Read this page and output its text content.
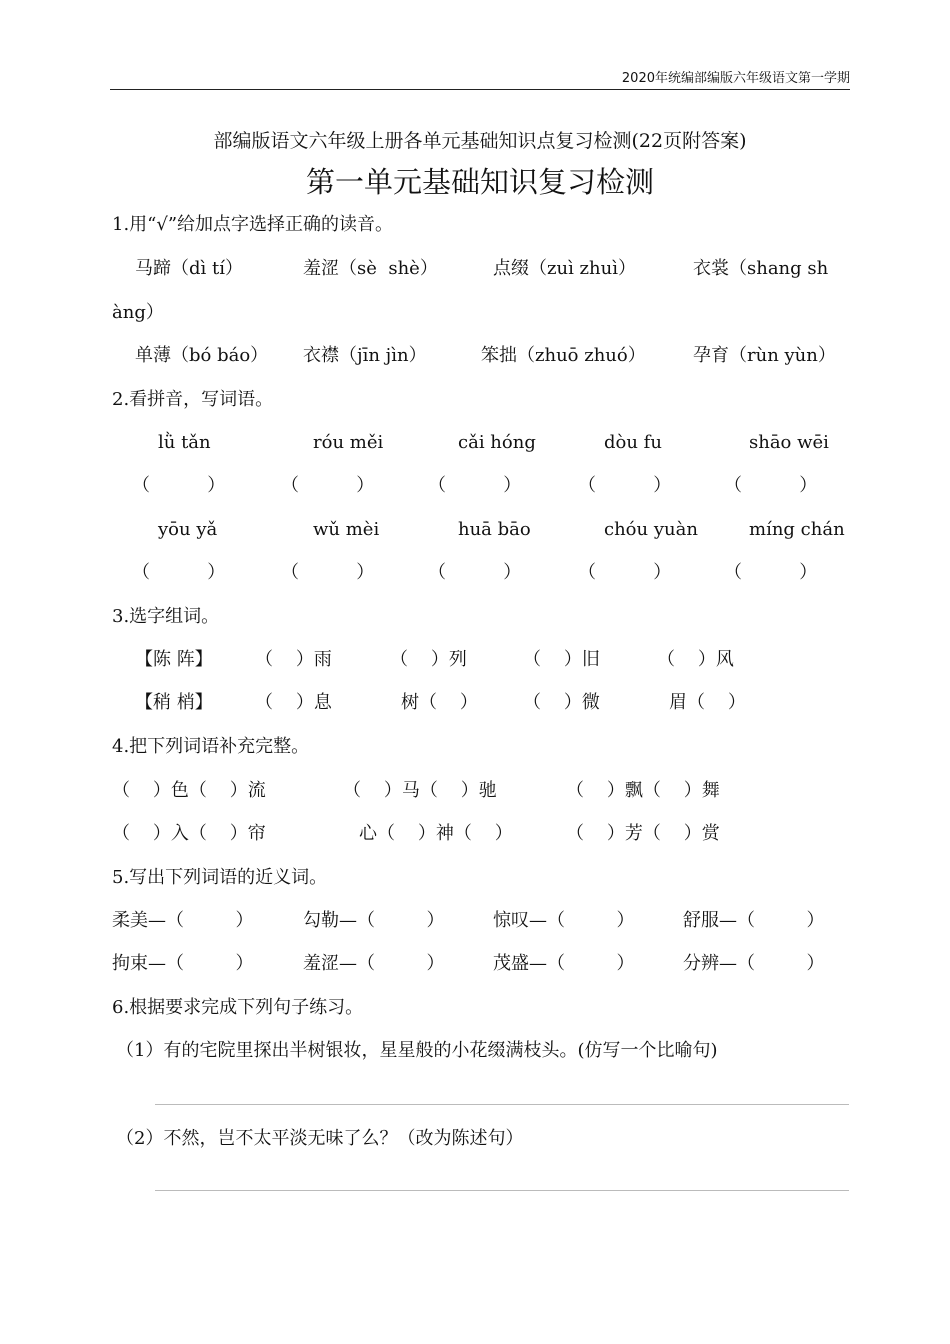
2020年统编部编版六年级语文第一学期
部编版语文六年级上册各单元基础知识点复习检测(22页附答案)
第一单元基础知识复习检测
1.用“√”给加点字选择正确的读音。
马蹄（dì tí）	羞涩（sè  shè）	点缀（zuì zhuì）	衣裳（shang sh
àng）
单薄（bó báo） 衣襟（jīn jìn）	笨拙（zhuō zhuó）	孕育（rùn yùn）
2.看拼音，写词语。
lǜ tǎn	róu měi	cǎi hóng	dòu fu	shāo wēi
（          ）	（          ）	（          ）	（          ）	（          ）
yōu yǎ	wǔ mèi	huā bāo	chóu yuàn	míng chán
（          ）	（          ）	（          ）	（          ）	（          ）
3.选字组词。
【陈 阵】 （    ）雨	（    ）列	（    ）旧	（    ）风
【稍 梢】 （    ）息	树（    ）	（    ）微	眉（    ）
4.把下列词语补充完整。
（    ）色（    ）流	（    ）马（    ）驰	（    ）飘（    ）舞
（    ）入（    ）帘	心（    ）神（    ）	（    ）芳（    ）赏
5.写出下列词语的近义词。
柔美—（         ）	勾勒—（         ）	惊叹—（         ）	舒服—（         ）
拘束—（         ）	羞涩—（         ）	茂盛—（         ）	分辨—（         ）
6.根据要求完成下列句子练习。
（1）有的宅院里探出半树银妆，星星般的小花缀满枝头。(仿写一个比喻句)
（2）不然，岂不太平淡无味了么？（改为陈述句）
